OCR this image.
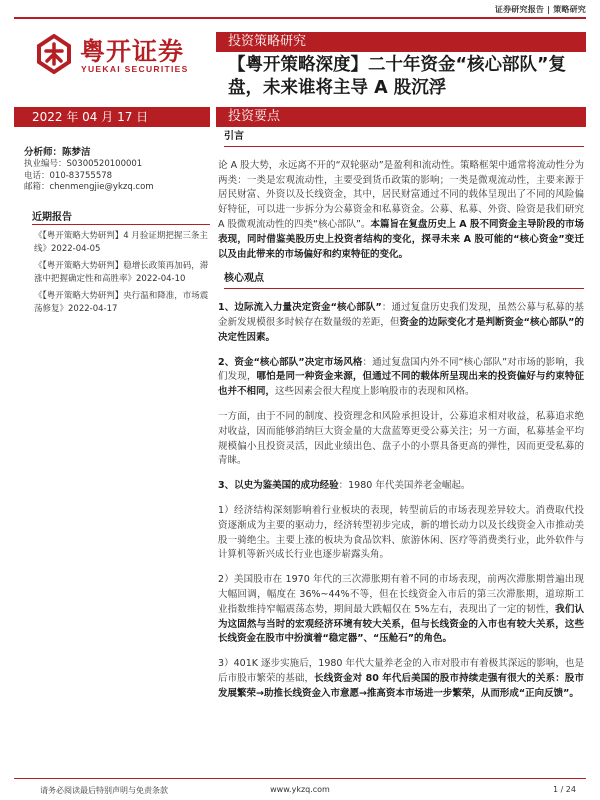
证券研究报告 | 策略研究
粤开证券
YUEKAI SECURITIES
投资策略研究
【粤开策略深度】二十年资金“核心部队”复盘，未来谁将主导 A 股沉浮
2022 年 04 月 17 日	投资要点
分析师：陈梦洁
执业编号：S0300520100001
电话：010-83755578
邮箱：chenmengjie@ykzq.com
近期报告
《【粤开策略大势研判】4 月验证期把握三条主线》2022-04-05
《【粤开策略大势研判】稳增长政策再加码，滞涨中把握确定性和高胜率》2022-04-10
《【粤开策略大势研判】央行温和降准，市场震荡修复》2022-04-17
引言

论 A 股大势，永远离不开的“双轮驱动”是盈利和流动性。策略框架中通常将流动性分为两类：一类是宏观流动性，主要受到货币政策的影响；一类是微观流动性，主要来源于居民财富、外资以及长线资金，其中，居民财富通过不同的载体呈现出了不同的风险偏好特征，可以进一步拆分为公募资金和私募资金。公募、私募、外资、险资是我们研究 A 股微观流动性的四类“核心部队”。本篇旨在复盘历史上 A 股不同资金主导阶段的市场表现，同时借鉴美股历史上投资者结构的变化，探寻未来 A 股可能的“核心资金”变迁以及由此带来的市场偏好和约束特征的变化。

核心观点

1、边际流入力量决定资金“核心部队”：通过复盘历史我们发现，虽然公募与私募的基金新发规模很多时候存在数量级的差距，但资金的边际变化才是判断资金“核心部队”的决定性因素。

2、资金“核心部队”决定市场风格：通过复盘国内外不同“核心部队”对市场的影响，我们发现，哪怕是同一种资金来源，但通过不同的载体所呈现出来的投资偏好与约束特征也并不相同，这些因素会很大程度上影响股市的表现和风格。

一方面，由于不同的制度、投资理念和风险承担设计，公募追求相对收益，私募追求绝对收益，因而能够消纳巨大资金量的大盘蓝筹更受公募关注；另一方面，私募基金平均规模偏小且投资灵活，因此业绩出色、盘子小的小票具备更高的弹性，因而更受私募的青睐。

3、以史为鉴美国的成功经验：1980 年代美国养老金崛起。

1）经济结构深刻影响着行业板块的表现，转型前后的市场表现差异较大。消费取代投资逐渐成为主要的驱动力，经济转型初步完成，新的增长动力以及长线资金入市推动美股一骑绝尘。主要上涨的板块为食品饮料、旅游休闲、医疗等消费类行业，此外软件与计算机等新兴成长行业也逐步崭露头角。

2）美国股市在 1970 年代的三次滞胀期有着不同的市场表现，前两次滞胀期普遍出现大幅回调，幅度在 36%~44%不等，但在长线资金入市后的第三次滞胀期，道琼斯工业指数维持窄幅震荡态势，期间最大跌幅仅在 5%左右，表现出了一定的韧性，我们认为这固然与当时的宏观经济环境有较大关系，但与长线资金的入市也有较大关系，这些长线资金在股市中扮演着“稳定器”、“压舱石”的角色。

3）401K 逐步实施后，1980 年代大量养老金的入市对股市有着极其深远的影响，也是后市股市繁荣的基础，长线资金对 80 年代后美国的股市持续走强有很大的关系：股市发展繁荣→助推长线资金入市意愿→推高资本市场进一步繁荣，从而形成“正向反馈”。

请务必阅读最后特别声明与免责条款	www.ykzq.com	1 / 24
